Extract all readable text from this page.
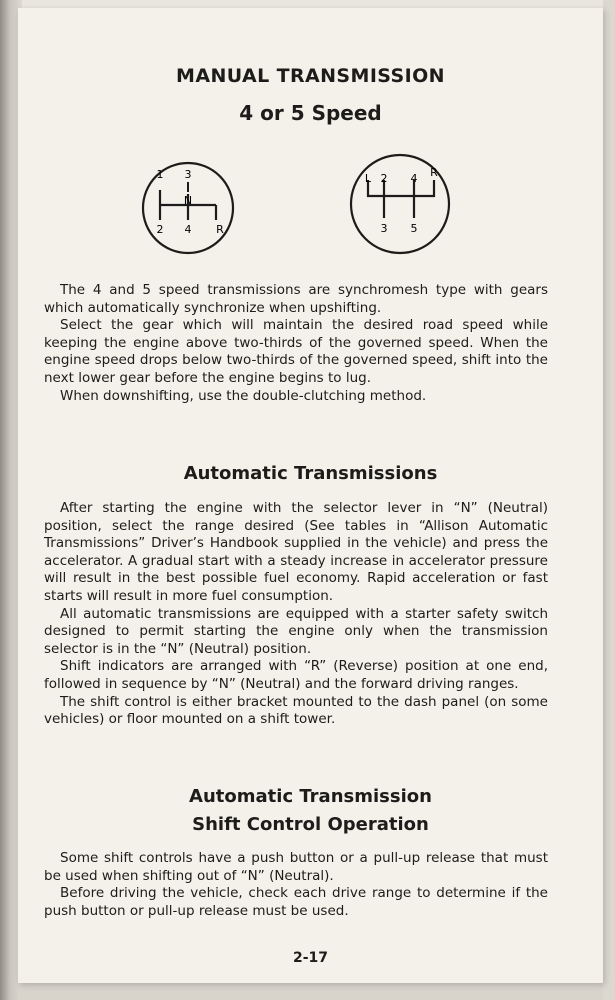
MANUAL TRANSMISSION
4 or 5 Speed
1 3
N
2 4 R
L 2 4 R
3 5

The 4 and 5 speed transmissions are synchromesh type with gears which automatically synchronize when upshifting.
Select the gear which will maintain the desired road speed while keeping the engine above two-thirds of the governed speed. When the engine speed drops below two-thirds of the governed speed, shift into the next lower gear before the engine begins to lug.
When downshifting, use the double-clutching method.

Automatic Transmissions

After starting the engine with the selector lever in “N” (Neutral) position, select the range desired (See tables in “Allison Automatic Transmissions” Driver’s Handbook supplied in the vehicle) and press the accelerator. A gradual start with a steady increase in accelerator pressure will result in the best possible fuel economy. Rapid acceleration or fast starts will result in more fuel consumption.
All automatic transmissions are equipped with a starter safety switch designed to permit starting the engine only when the transmission selector is in the “N” (Neutral) position.
Shift indicators are arranged with “R” (Reverse) position at one end, followed in sequence by “N” (Neutral) and the forward driving ranges.
The shift control is either bracket mounted to the dash panel (on some vehicles) or floor mounted on a shift tower.

Automatic Transmission
Shift Control Operation

Some shift controls have a push button or a pull-up release that must be used when shifting out of “N” (Neutral).
Before driving the vehicle, check each drive range to determine if the push button or pull-up release must be used.

2-17
